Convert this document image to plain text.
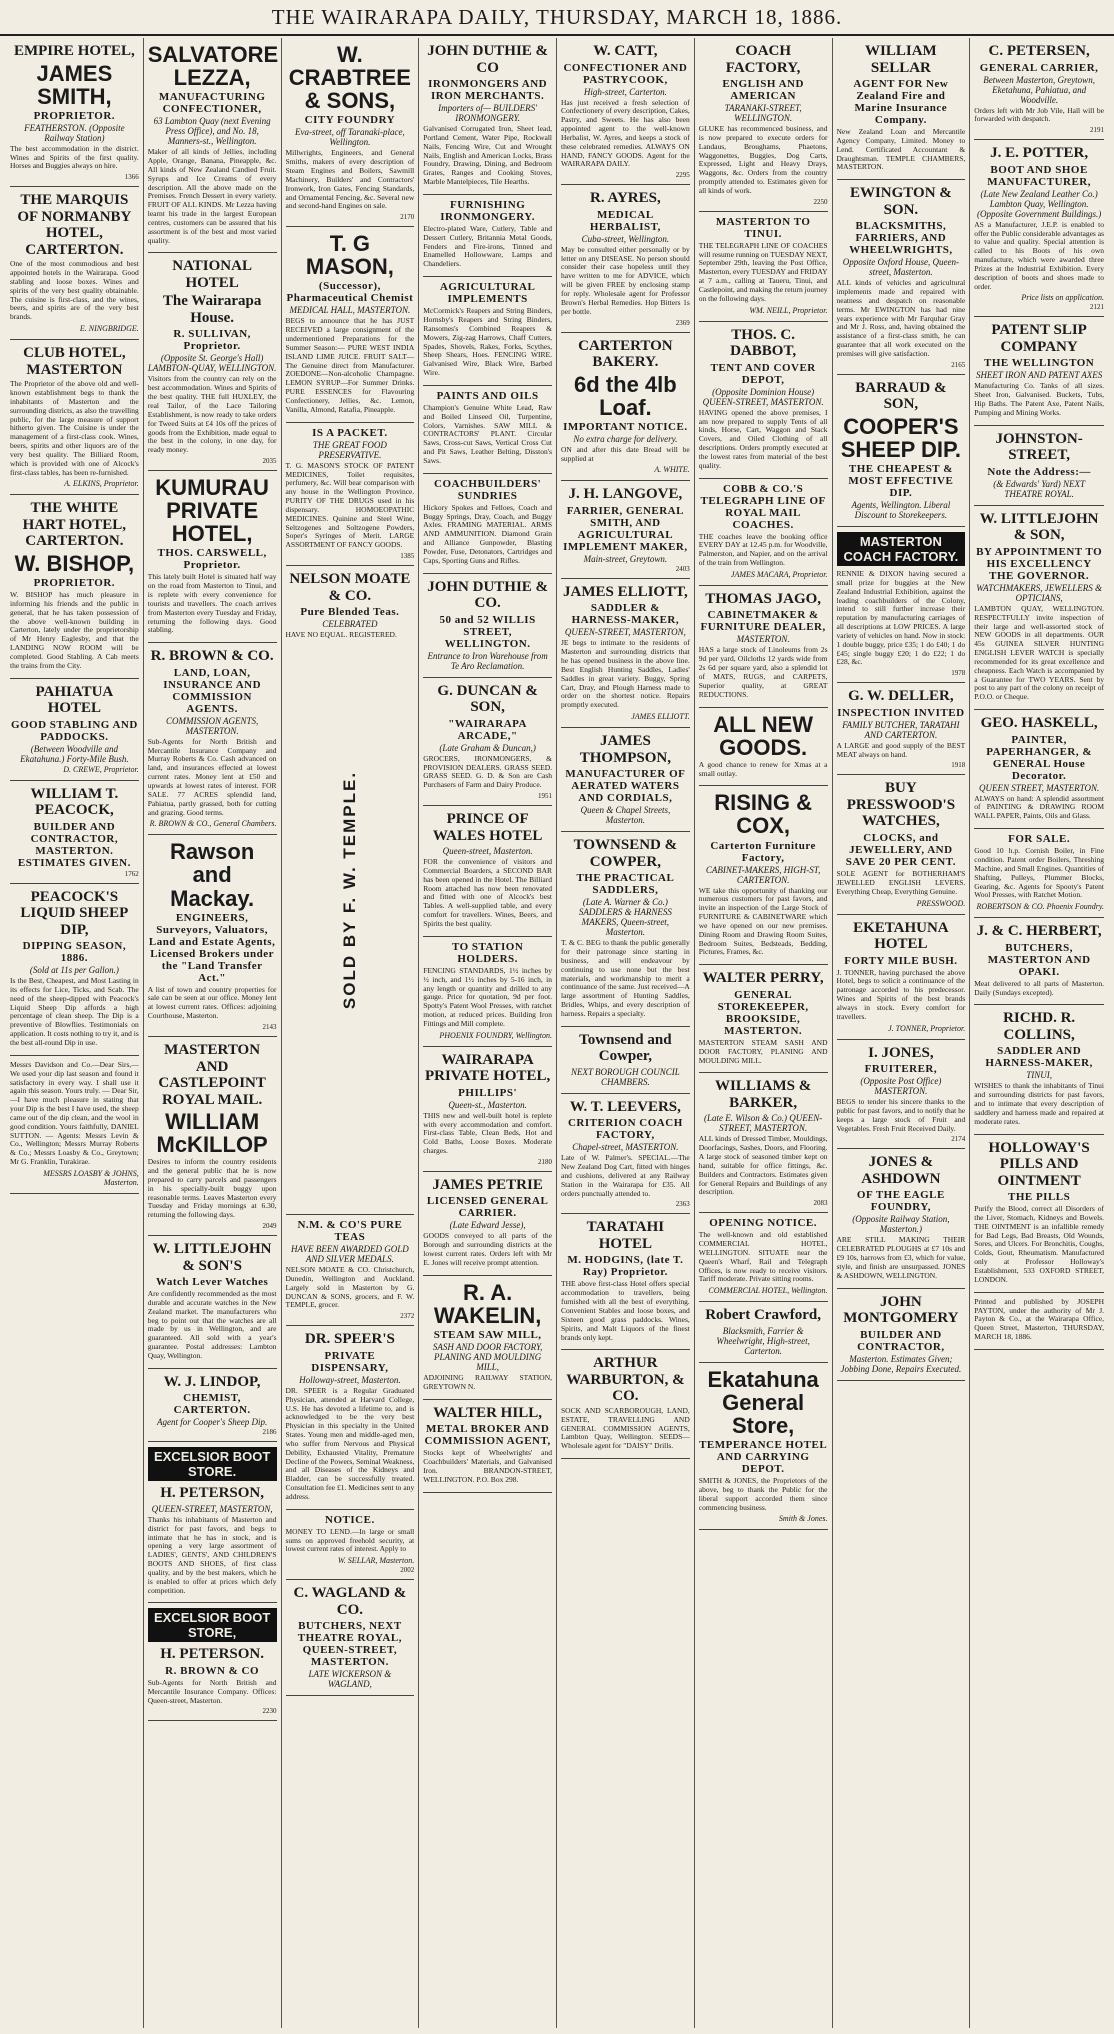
THE WAIRARAPA DAILY, THURSDAY, MARCH 18, 1886.
EMPIRE HOTEL,
JAMES SMITH,
PROPRIETOR.
FEATHERSTON. (Opposite Railway Station)
The best accommodation in the district. Wines and Spirits of the first quality. Horses and Buggies always on hire.
1366
THE MARQUIS OF NORMANBY HOTEL, CARTERTON.
One of the most commodious and best appointed hotels in the Wairarapa. Good stabling and loose boxes. Wines and spirits of the very best quality obtainable. The cuisine is first-class, and the wines, beers, and spirits are of the very best brands.
E. NINGBRIDGE.
CLUB HOTEL, MASTERTON
The Proprietor of the above old and well-known establishment begs to thank the inhabitants of Masterton and the surrounding districts, as also the travelling public, for the large measure of support hitherto given. The Cuisine is under the management of a first-class cook. Wines, beers, spirits and other liquors are of the very best quality. The Billiard Room, which is provided with one of Alcock's first-class tables, has been re-furnished.
A. ELKINS, Proprietor.
THE WHITE HART HOTEL, CARTERTON.
W. BISHOP,
PROPRIETOR.
W. BISHOP has much pleasure in informing his friends and the public in general, that he has taken possession of the above well-known building in Carterton, lately under the proprietorship of Mr Henry Eaglesby, and that the LANDING NOW ROOM will be completed. Good Stabling. A Cab meets the trains from the City.
PAHIATUA HOTEL
GOOD STABLING AND PADDOCKS.
(Between Woodville and Ekatahuna.) Forty-Mile Bush.
D. CREWE, Proprietor.
WILLIAM T. PEACOCK,
BUILDER AND CONTRACTOR, MASTERTON. ESTIMATES GIVEN.
1762
PEACOCK'S LIQUID SHEEP DIP,
DIPPING SEASON, 1886.
(Sold at 11s per Gallon.)
Is the Best, Cheapest, and Most Lasting in its effects for Lice, Ticks, and Scab. The need of the sheep-dipped with Peacock's Liquid Sheep Dip affords a high percentage of clean sheep. The Dip is a preventive of Blowflies. Testimonials on application. It costs nothing to try it, and is the best all-round Dip in use.
Messrs Davidson and Co.—Dear Sirs,—We used your dip last season and found it satisfactory in every way. I shall use it again this season. Yours truly. — Dear Sir,—I have much pleasure in stating that your Dip is the best I have used, the sheep came out of the dip clean, and the wool in good condition. Yours faithfully, DANIEL SUTTON. — Agents: Messrs Levin & Co., Wellington; Messrs Murray Roberts & Co.; Messrs Loasby & Co., Greytown; Mr G. Franklin, Turakirae.
MESSRS LOASBY & JOHNS, Masterton.
SALVATORE LEZZA,
MANUFACTURING CONFECTIONER,
63 Lambton Quay (next Evening Press Office), and No. 18, Manners-st., Wellington.
Maker of all kinds of Jellies, including Apple, Orange, Banana, Pineapple, &c. All kinds of New Zealand Candied Fruit. Syrups and Ice Creams of every description. All the above made on the Premises. French Dessert in every variety. FRUIT OF ALL KINDS. Mr Lezza having learnt his trade in the largest European centres, customers can be assured that his assortment is of the best and most varied quality.
NATIONAL HOTEL
The Wairarapa House.
R. SULLIVAN, Proprietor.
(Opposite St. George's Hall) LAMBTON-QUAY, WELLINGTON.
Visitors from the country can rely on the best accommodation. Wines and Spirits of the best quality. THE full HUXLEY, the real Tailor, of the Lace Tailoring Establishment, is now ready to take orders for Tweed Suits at £4 10s off the prices of goods from the Exhibition, made equal to the best in the colony, in one day, for ready money.
2035
KUMURAU PRIVATE HOTEL,
THOS. CARSWELL, Proprietor.
This lately built Hotel is situated half way on the road from Masterton to Tinui, and is replete with every convenience for tourists and travellers. The coach arrives from Masterton every Tuesday and Friday, returning the following days. Good stabling.
R. BROWN & CO.
LAND, LOAN, INSURANCE AND COMMISSION AGENTS.
COMMISSION AGENTS, MASTERTON.
Sub-Agents for North British and Mercantile Insurance Company and Murray Roberts & Co. Cash advanced on land, and insurances effected at lowest current rates. Money lent at £50 and upwards at lowest rates of interest. FOR SALE. 77 ACRES splendid land, Pahiatua, partly grassed, both for cutting and grazing. Good terms.
R. BROWN & CO., General Chambers.
Rawson and Mackay.
ENGINEERS, Surveyors, Valuators, Land and Estate Agents, Licensed Brokers under the "Land Transfer Act."
A list of town and country properties for sale can be seen at our office. Money lent at lowest current rates. Offices: adjoining Courthouse, Masterton.
2143
MASTERTON AND CASTLEPOINT ROYAL MAIL.
WILLIAM McKILLOP
Desires to inform the country residents and the general public that he is now prepared to carry parcels and passengers in his specially-built buggy upon reasonable terms. Leaves Masterton every Tuesday and Friday mornings at 6.30, returning the following days.
2049
W. LITTLEJOHN & SON'S
Watch Lever Watches
Are confidently recommended as the most durable and accurate watches in the New Zealand market. The manufacturers who beg to point out that the watches are all made by us in Wellington, and are guaranteed. All sold with a year's guarantee. Postal addresses: Lambton Quay, Wellington.
W. J. LINDOP,
CHEMIST, CARTERTON.
Agent for Cooper's Sheep Dip.
2186
EXCELSIOR BOOT STORE.
H. PETERSON,
QUEEN-STREET, MASTERTON,
Thanks his inhabitants of Masterton and district for past favors, and begs to intimate that he has in stock, and is opening a very large assortment of LADIES', GENTS', AND CHILDREN'S BOOTS AND SHOES, of first class quality, and by the best makers, which he is enabled to offer at prices which defy competition.
EXCELSIOR BOOT STORE,
H. PETERSON.
R. BROWN & CO
Sub-Agents for North British and Mercantile Insurance Company. Offices: Queen-street, Masterton.
2230
W. CRABTREE & SONS,
CITY FOUNDRY
Eva-street, off Taranaki-place, Wellington.
Millwrights, Engineers, and General Smiths, makers of every description of Steam Engines and Boilers, Sawmill Machinery, Builders' and Contractors' Ironwork, Iron Gates, Fencing Standards, and Ornamental Fencing, &c. Several new and second-hand Engines on sale.
2170
T. G MASON,
(Successor), Pharmaceutical Chemist
MEDICAL HALL, MASTERTON.
BEGS to announce that he has JUST RECEIVED a large consignment of the undermentioned Preparations for the Summer Season:— PURE WEST INDIA ISLAND LIME JUICE. FRUIT SALT—The Genuine direct from Manufacturer. ZOEDONE—Non-alcoholic Champagne. LEMON SYRUP—For Summer Drinks. PURE ESSENCES for Flavouring Confectionery, Jellies, &c. Lemon, Vanilla, Almond, Ratafia, Pineapple.
IS A PACKET.
THE GREAT FOOD PRESERVATIVE.
T. G. MASON'S STOCK OF PATENT MEDICINES, Toilet requisites, perfumery, &c. Will bear comparison with any house in the Wellington Province. PURITY OF THE DRUGS used in his dispensary. HOMOEOPATHIC MEDICINES. Quinine and Steel Wine, Seltzogenes and Soltzogene Powders, Soper's Syringes of Merit. LARGE ASSORTMENT OF FANCY GOODS.
1385
NELSON MOATE & CO.
Pure Blended Teas.
CELEBRATED
HAVE NO EQUAL. REGISTERED.
SOLD BY F. W. TEMPLE.
N.M. & CO'S PURE TEAS
HAVE BEEN AWARDED GOLD AND SILVER MEDALS.
NELSON MOATE & CO. Christchurch, Dunedin, Wellington and Auckland. Largely sold in Masterton by G. DUNCAN & SONS, grocers, and F. W. TEMPLE, grocer.
2372
DR. SPEER'S
PRIVATE DISPENSARY,
Holloway-street, Masterton.
DR. SPEER is a Regular Graduated Physician, attended at Harvard College, U.S. He has devoted a lifetime to, and is acknowledged to be the very best Physician in this specialty in the United States. Young men and middle-aged men, who suffer from Nervous and Physical Debility, Exhausted Vitality, Premature Decline of the Powers, Seminal Weakness, and all Diseases of the Kidneys and Bladder, can be successfully treated. Consultation fee £1. Medicines sent to any address.
NOTICE.
MONEY TO LEND.—In large or small sums on approved freehold security, at lowest current rates of interest. Apply to
W. SELLAR, Masterton.
2002
C. WAGLAND & CO.
BUTCHERS, NEXT THEATRE ROYAL, QUEEN-STREET, MASTERTON.
LATE WICKERSON & WAGLAND,
JOHN DUTHIE & CO
IRONMONGERS AND IRON MERCHANTS.
Importers of— BUILDERS' IRONMONGERY.
Galvanised Corrugated Iron, Sheet lead, Portland Cement, Water Pipe, Rockwall Nails, Fencing Wire, Cut and Wrought Nails, English and American Locks, Brass Foundry, Drawing, Dining, and Bedroom Grates, Ranges and Cooking Stoves, Marble Mantelpieces, Tile Hearths.
FURNISHING IRONMONGERY.
Electro-plated Ware, Cutlery, Table and Dessert Cutlery, Britannia Metal Goods, Fenders and Fire-irons, Tinned and Enamelled Hollowware, Lamps and Chandeliers.
AGRICULTURAL IMPLEMENTS
McCormick's Reapers and String Binders, Hornsby's Reapers and String Binders, Ransomes's Combined Reapers & Mowers, Zig-zag Harrows, Chaff Cutters, Spades, Shovels, Rakes, Forks, Scythes, Sheep Shears, Hoes. FENCING WIRE. Galvanised Wire, Black Wire, Barbed Wire.
PAINTS AND OILS
Champion's Genuine White Lead, Raw and Boiled Linseed Oil, Turpentine, Colors, Varnishes. SAW MILL & CONTRACTORS' PLANT. Circular Saws, Cross-cut Saws, Vertical Cross Cut and Pit Saws, Leather Belting, Disston's Saws.
COACHBUILDERS' SUNDRIES
Hickory Spokes and Felloes, Coach and Buggy Springs, Dray, Coach, and Buggy Axles. FRAMING MATERIAL. ARMS AND AMMUNITION. Diamond Grain and Alliance Gunpowder, Blasting Powder, Fuse, Detonators, Cartridges and Caps, Sporting Guns and Rifles.
JOHN DUTHIE & CO.
50 and 52 WILLIS STREET, WELLINGTON.
Entrance to Iron Warehouse from Te Aro Reclamation.
G. DUNCAN & SON,
"WAIRARAPA ARCADE,"
(Late Graham & Duncan,)
GROCERS, IRONMONGERS, & PROVISION DEALERS. GRASS SEED. GRASS SEED. G. D. & Son are Cash Purchasers of Farm and Dairy Produce.
1951
PRINCE OF WALES HOTEL
Queen-street, Masterton.
FOR the convenience of visitors and Commercial Boarders, a SECOND BAR has been opened in the Hotel. The Billiard Room attached has now been renovated and fitted with one of Alcock's best Tables. A well-supplied table, and every comfort for travellers. Wines, Beers, and Spirits the best quality.
TO STATION HOLDERS.
FENCING STANDARDS, 1½ inches by ½ inch, and 1½ inches by 5-16 inch, in any length or quantity and drilled to any gauge. Price for quotation, 9d per foot. Spotty's Patent Wool Presses, with ratchet motion, at reduced prices. Building Iron Fittings and Mill complete.
PHOENIX FOUNDRY, Wellington.
WAIRARAPA PRIVATE HOTEL,
PHILLIPS'
Queen-st., Masterton.
THIS new and well-built hotel is replete with every accommodation and comfort. First-class Table, Clean Beds, Hot and Cold Baths, Loose Boxes. Moderate charges.
2180
JAMES PETRIE
LICENSED GENERAL CARRIER.
(Late Edward Jesse),
GOODS conveyed to all parts of the Borough and surrounding districts at the lowest current rates. Orders left with Mr E. Jones will receive prompt attention.
R. A. WAKELIN,
STEAM SAW MILL,
SASH AND DOOR FACTORY, PLANING AND MOULDING MILL,
ADJOINING RAILWAY STATION, GREYTOWN N.
WALTER HILL,
METAL BROKER AND COMMISSION AGENT,
Stocks kept of Wheelwrights' and Coachbuilders' Materials, and Galvanised Iron. BRANDON-STREET, WELLINGTON. P.O. Box 298.
W. CATT,
CONFECTIONER AND PASTRYCOOK,
High-street, Carterton.
Has just received a fresh selection of Confectionery of every description, Cakes, Pastry, and Sweets. He has also been appointed agent to the well-known Herbalist, W. Ayres, and keeps a stock of these celebrated remedies. ALWAYS ON HAND, FANCY GOODS. Agent for the WAIRARAPA DAILY.
2295
R. AYRES,
MEDICAL HERBALIST,
Cuba-street, Wellington.
May be consulted either personally or by letter on any DISEASE. No person should consider their case hopeless until they have written to me for ADVICE, which will be given FREE by enclosing stamp for reply. Wholesale agent for Professor Brown's Herbal Remedies. Hop Bitters 1s per bottle.
2369
CARTERTON BAKERY.
6d the 4lb Loaf.
IMPORTANT NOTICE.
No extra charge for delivery.
ON and after this date Bread will be supplied at
A. WHITE.
J. H. LANGOVE,
FARRIER, GENERAL SMITH, AND AGRICULTURAL IMPLEMENT MAKER,
Main-street, Greytown.
2403
JAMES ELLIOTT,
SADDLER & HARNESS-MAKER,
QUEEN-STREET, MASTERTON,
JE begs to intimate to the residents of Masterton and surrounding districts that he has opened business in the above line. Best English Hunting Saddles, Ladies' Saddles in great variety. Buggy, Spring Cart, Dray, and Plough Harness made to order on the shortest notice. Repairs promptly executed.
JAMES ELLIOTT.
JAMES THOMPSON,
MANUFACTURER OF AERATED WATERS AND CORDIALS,
Queen & Chapel Streets, Masterton.
TOWNSEND & COWPER,
THE PRACTICAL SADDLERS,
(Late A. Warner & Co.) SADDLERS & HARNESS MAKERS, Queen-street, Masterton.
T. & C. BEG to thank the public generally for their patronage since starting in business, and will endeavour by continuing to use none but the best materials, and workmanship to merit a continuance of the same. Just received—A large assortment of Hunting Saddles, Bridles, Whips, and every description of harness. Repairs a specialty.
Townsend and Cowper,
NEXT BOROUGH COUNCIL CHAMBERS.
W. T. LEEVERS,
CRITERION COACH FACTORY,
Chapel-street, MASTERTON.
Late of W. Palmer's. SPECIAL.—The New Zealand Dog Cart, fitted with hinges and cushions, delivered at any Railway Station in the Wairarapa for £35. All orders punctually attended to.
2363
TARATAHI HOTEL
M. HODGINS, (late T. Ray) Proprietor.
THE above first-class Hotel offers special accommodation to travellers, being furnished with all the best of everything. Convenient Stables and loose boxes, and Sixteen good grass paddocks. Wines, Spirits, and Malt Liquors of the finest brands only kept.
ARTHUR WARBURTON, & CO.
SOCK AND SCARBOROUGH, LAND, ESTATE, TRAVELLING AND GENERAL COMMISSION AGENTS, Lambton Quay, Wellington. SEEDS—Wholesale agent for "DAISY" Drills.
COACH FACTORY,
ENGLISH AND AMERICAN
TARANAKI-STREET, WELLINGTON.
GLUKE has recommenced business, and is now prepared to execute orders for Landaus, Broughams, Phaetons, Waggonettes, Buggies, Dog Carts, Expressed, Light and Heavy Drays, Waggons, &c. Orders from the country promptly attended to. Estimates given for all kinds of work.
2250
MASTERTON TO TINUI.
THE TELEGRAPH LINE OF COACHES will resume running on TUESDAY NEXT, September 29th, leaving the Post Office, Masterton, every TUESDAY and FRIDAY at 7 a.m., calling at Taueru, Tinui, and Castlepoint, and making the return journey on the following days.
WM. NEILL, Proprietor.
THOS. C. DABBOT,
TENT AND COVER DEPOT,
(Opposite Dominion House) QUEEN-STREET, MASTERTON.
HAVING opened the above premises, I am now prepared to supply Tents of all kinds, Horse, Cart, Waggon and Stack Covers, and Oiled Clothing of all descriptions. Orders promptly executed at the lowest rates from material of the best quality.
COBB & CO.'S TELEGRAPH LINE OF ROYAL MAIL COACHES.
THE coaches leave the booking office EVERY DAY at 12.45 p.m. for Woodville, Palmerston, and Napier, and on the arrival of the train from Wellington.
JAMES MACARA, Proprietor.
THOMAS JAGO,
CABINETMAKER & FURNITURE DEALER,
MASTERTON.
HAS a large stock of Linoleums from 2s 9d per yard, Oilcloths 12 yards wide from 2s 6d per square yard, also a splendid lot of MATS, RUGS, and CARPETS, Superior quality, at GREAT REDUCTIONS.
ALL NEW GOODS.
A good chance to renew for Xmas at a small outlay.
RISING & COX,
Carterton Furniture Factory,
CABINET-MAKERS, HIGH-ST, CARTERTON.
WE take this opportunity of thanking our numerous customers for past favors, and invite an inspection of the Large Stock of FURNITURE & CABINETWARE which we have opened on our new premises. Dining Room and Drawing Room Suites, Bedroom Suites, Bedsteads, Bedding, Pictures, Frames, &c.
WALTER PERRY,
GENERAL STOREKEEPER, BROOKSIDE, MASTERTON.
MASTERTON STEAM SASH AND DOOR FACTORY, PLANING AND MOULDING MILL.
WILLIAMS & BARKER,
(Late E. Wilson & Co.) QUEEN-STREET, MASTERTON.
ALL kinds of Dressed Timber, Mouldings, Doorfacings, Sashes, Doors, and Flooring. A large stock of seasoned timber kept on hand, suitable for office fittings, &c. Builders and Contractors. Estimates given for General Repairs and Buildings of any description.
2083
OPENING NOTICE.
The well-known and old established COMMERCIAL HOTEL, WELLINGTON. SITUATE near the Queen's Wharf, Rail and Telegraph Offices, is now ready to receive visitors. Tariff moderate. Private sitting rooms.
COMMERCIAL HOTEL, Wellington.
Robert Crawford,
Blacksmith, Farrier & Wheelwright, High-street, Carterton.
Ekatahuna General Store,
TEMPERANCE HOTEL AND CARRYING DEPOT.
SMITH & JONES, the Proprietors of the above, beg to thank the Public for the liberal support accorded them since commencing business.
Smith & Jones.
WILLIAM SELLAR
AGENT FOR New Zealand Fire and Marine Insurance Company.
New Zealand Loan and Mercantile Agency Company, Limited. Money to Lend. Certificated Accountant & Draughtsman. TEMPLE CHAMBERS, MASTERTON.
EWINGTON & SON.
BLACKSMITHS, FARRIERS, AND WHEELWRIGHTS,
Opposite Oxford House, Queen-street, Masterton.
ALL kinds of vehicles and agricultural implements made and repaired with neatness and despatch on reasonable terms. Mr EWINGTON has had nine years experience with Mr Farquhar Gray and Mr J. Ross, and, having obtained the assistance of a first-class smith, he can guarantee that all work executed on the premises will give satisfaction.
2165
BARRAUD & SON,
COOPER'S SHEEP DIP.
THE CHEAPEST & MOST EFFECTIVE DIP.
Agents, Wellington. Liberal Discount to Storekeepers.
MASTERTON COACH FACTORY.
RENNIE & DIXON having secured a small prize for buggies at the New Zealand Industrial Exhibition, against the leading coachbuilders of the Colony, intend to still further increase their reputation by manufacturing carriages of all descriptions at LOW PRICES. A large variety of vehicles on hand. Now in stock: 1 double buggy, price £35; 1 do £40; 1 do £45; single buggy £20; 1 do £22; 1 do £28, &c.
1978
G. W. DELLER,
INSPECTION INVITED
FAMILY BUTCHER, TARATAHI AND CARTERTON.
A LARGE and good supply of the BEST MEAT always on hand.
1918
BUY PRESSWOOD'S WATCHES,
CLOCKS, and JEWELLERY, AND SAVE 20 PER CENT.
SOLE AGENT for BOTHERHAM'S JEWELLED ENGLISH LEVERS. Everything Cheap, Everything Genuine.
PRESSWOOD.
EKETAHUNA HOTEL
FORTY MILE BUSH.
J. TONNER, having purchased the above Hotel, begs to solicit a continuance of the patronage accorded to his predecessor. Wines and Spirits of the best brands always in stock. Every comfort for travellers.
J. TONNER, Proprietor.
I. JONES,
FRUITERER,
(Opposite Post Office) MASTERTON.
BEGS to tender his sincere thanks to the public for past favors, and to notify that he keeps a large stock of Fruit and Vegetables. Fresh Fruit Received Daily.
2174
JONES & ASHDOWN
OF THE EAGLE FOUNDRY,
(Opposite Railway Station, Masterton.)
ARE STILL MAKING THEIR CELEBRATED PLOUGHS at £7 10s and £9 10s, harrows from £3, which for value, style, and finish are unsurpassed. JONES & ASHDOWN, WELLINGTON.
JOHN MONTGOMERY
BUILDER AND CONTRACTOR,
Masterton. Estimates Given; Jobbing Done, Repairs Executed.
C. PETERSEN,
GENERAL CARRIER,
Between Masterton, Greytown, Eketahuna, Pahiatua, and Woodville.
Orders left with Mr Job Vile, Hall will be forwarded with despatch.
2191
J. E. POTTER,
BOOT AND SHOE MANUFACTURER,
(Late New Zealand Leather Co.) Lambton Quay, Wellington. (Opposite Government Buildings.)
AS a Manufacturer, J.E.P. is enabled to offer the Public considerable advantages as to value and quality. Special attention is called to his Boots of his own manufacture, which were awarded three Prizes at the Industrial Exhibition. Every description of boots and shoes made to order.
Price lists on application.
2121
PATENT SLIP COMPANY
THE WELLINGTON
SHEET IRON AND PATENT AXES
Manufacturing Co. Tanks of all sizes. Sheet Iron, Galvanised. Buckets, Tubs, Hip Baths. The Patent Axe, Patent Nails, Pumping and Mining Works.
JOHNSTON-STREET,
Note the Address:—
(& Edwards' Yard) NEXT THEATRE ROYAL.
W. LITTLEJOHN & SON,
BY APPOINTMENT TO HIS EXCELLENCY THE GOVERNOR.
WATCHMAKERS, JEWELLERS & OPTICIANS,
LAMBTON QUAY, WELLINGTON. RESPECTFULLY invite inspection of their large and well-assorted stock of NEW GOODS in all departments. OUR 45s GUINEA SILVER HUNTING ENGLISH LEVER WATCH is specially recommended for its great excellence and cheapness. Each Watch is accompanied by a Guarantee for TWO YEARS. Sent by post to any part of the colony on receipt of P.O.O. or Cheque.
GEO. HASKELL,
PAINTER, PAPERHANGER, & GENERAL House Decorator.
QUEEN STREET, MASTERTON.
ALWAYS on hand: A splendid assortment of PAINTING & DRAWING ROOM WALL PAPER, Paints, Oils and Glass.
FOR SALE.
Good 10 h.p. Cornish Boiler, in Fine condition. Patent order Boilers, Threshing Machine, and Small Engines. Quantities of Shafting, Pulleys, Plummer Blocks, Gearing, &c. Agents for Spooty's Patent Wool Presses, with Ratchet Motion.
ROBERTSON & CO. Phoenix Foundry.
J. & C. HERBERT,
BUTCHERS, MASTERTON AND OPAKI.
Meat delivered to all parts of Masterton. Daily (Sundays excepted).
RICHD. R. COLLINS,
SADDLER AND HARNESS-MAKER,
TINUI,
WISHES to thank the inhabitants of Tinui and surrounding districts for past favors, and to intimate that every description of saddlery and harness made and repaired at moderate rates.
HOLLOWAY'S PILLS AND OINTMENT
THE PILLS
Purify the Blood, correct all Disorders of the Liver, Stomach, Kidneys and Bowels. THE OINTMENT is an infallible remedy for Bad Legs, Bad Breasts, Old Wounds, Sores, and Ulcers. For Bronchitis, Coughs, Colds, Gout, Rheumatism. Manufactured only at Professor Holloway's Establishment, 533 OXFORD STREET, LONDON.
Printed and published by JOSEPH PAYTON, under the authority of Mr J. Payton & Co., at the Wairarapa Office, Queen Street, Masterton, THURSDAY, MARCH 18, 1886.
